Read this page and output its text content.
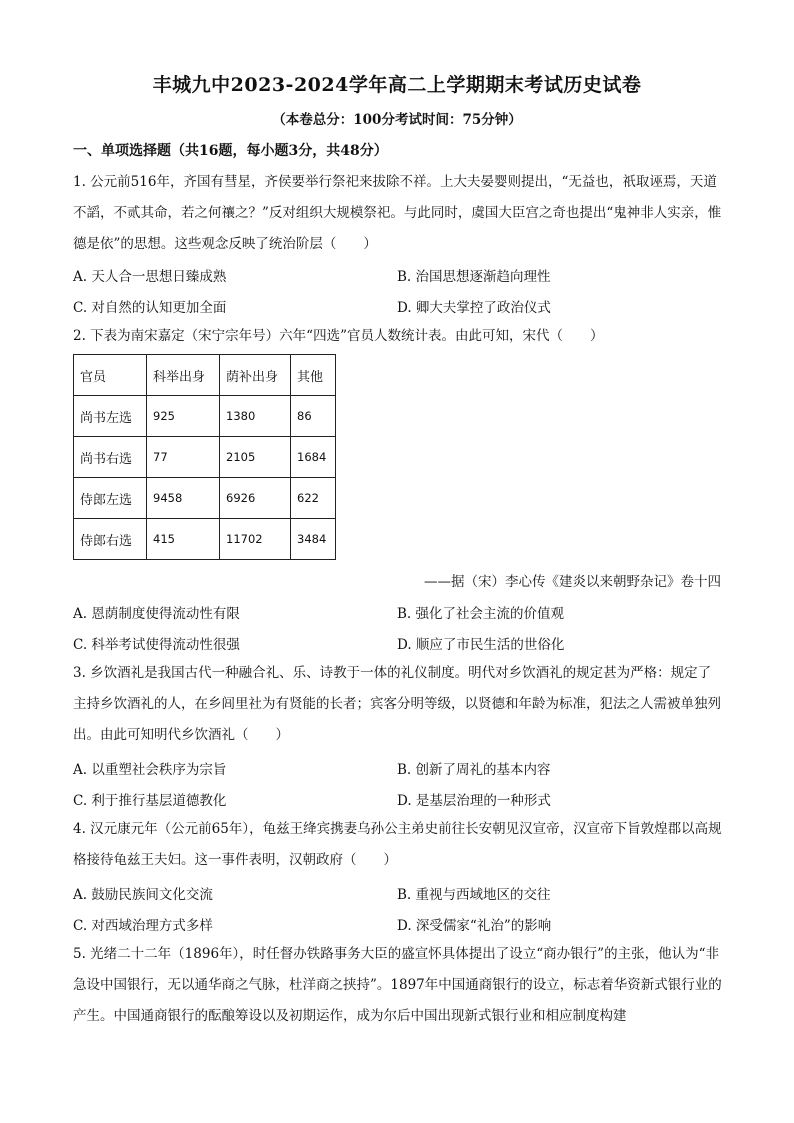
丰城九中2023-2024学年高二上学期期末考试历史试卷
（本卷总分：100分考试时间：75分钟）
一、单项选择题（共16题，每小题3分，共48分）
1. 公元前516年，齐国有彗星，齐侯要举行祭祀来拔除不祥。上大夫晏婴则提出，“无益也，祇取诬焉，天道不謟，不贰其命，若之何禳之？”反对组织大规模祭祀。与此同时，虞国大臣宫之奇也提出“鬼神非人实亲，惟德是依”的思想。这些观念反映了统治阶层（　　）
A. 天人合一思想日臻成熟	B. 治国思想逐渐趋向理性
C. 对自然的认知更加全面	D. 卿大夫掌控了政治仪式
2. 下表为南宋嘉定（宋宁宗年号）六年“四选”官员人数统计表。由此可知，宋代（　　）
官员	科举出身	荫补出身	其他
尚书左选	925	1380	86
尚书右选	77	2105	1684
侍郎左选	9458	6926	622
侍郎右选	415	11702	3484
——据（宋）李心传《建炎以来朝野杂记》卷十四
A. 恩荫制度使得流动性有限	B. 强化了社会主流的价值观
C. 科举考试使得流动性很强	D. 顺应了市民生活的世俗化
3. 乡饮酒礼是我国古代一种融合礼、乐、诗教于一体的礼仪制度。明代对乡饮酒礼的规定甚为严格：规定了主持乡饮酒礼的人，在乡闾里社为有贤能的长者；宾客分明等级，以贤德和年龄为标准，犯法之人需被单独列出。由此可知明代乡饮酒礼（　　）
A. 以重塑社会秩序为宗旨	B. 创新了周礼的基本内容
C. 利于推行基层道德教化	D. 是基层治理的一种形式
4. 汉元康元年（公元前65年），龟兹王绛宾携妻乌孙公主弟史前往长安朝见汉宣帝，汉宣帝下旨敦煌郡以高规格接待龟兹王夫妇。这一事件表明，汉朝政府（　　）
A. 鼓励民族间文化交流	B. 重视与西域地区的交往
C. 对西域治理方式多样	D. 深受儒家“礼治”的影响
5. 光绪二十二年（1896年），时任督办铁路事务大臣的盛宣怀具体提出了设立“商办银行”的主张，他认为“非急设中国银行，无以通华商之气脉，杜洋商之挟持”。1897年中国通商银行的设立，标志着华资新式银行业的产生。中国通商银行的酝酿筹设以及初期运作，成为尔后中国出现新式银行业和相应制度构建
